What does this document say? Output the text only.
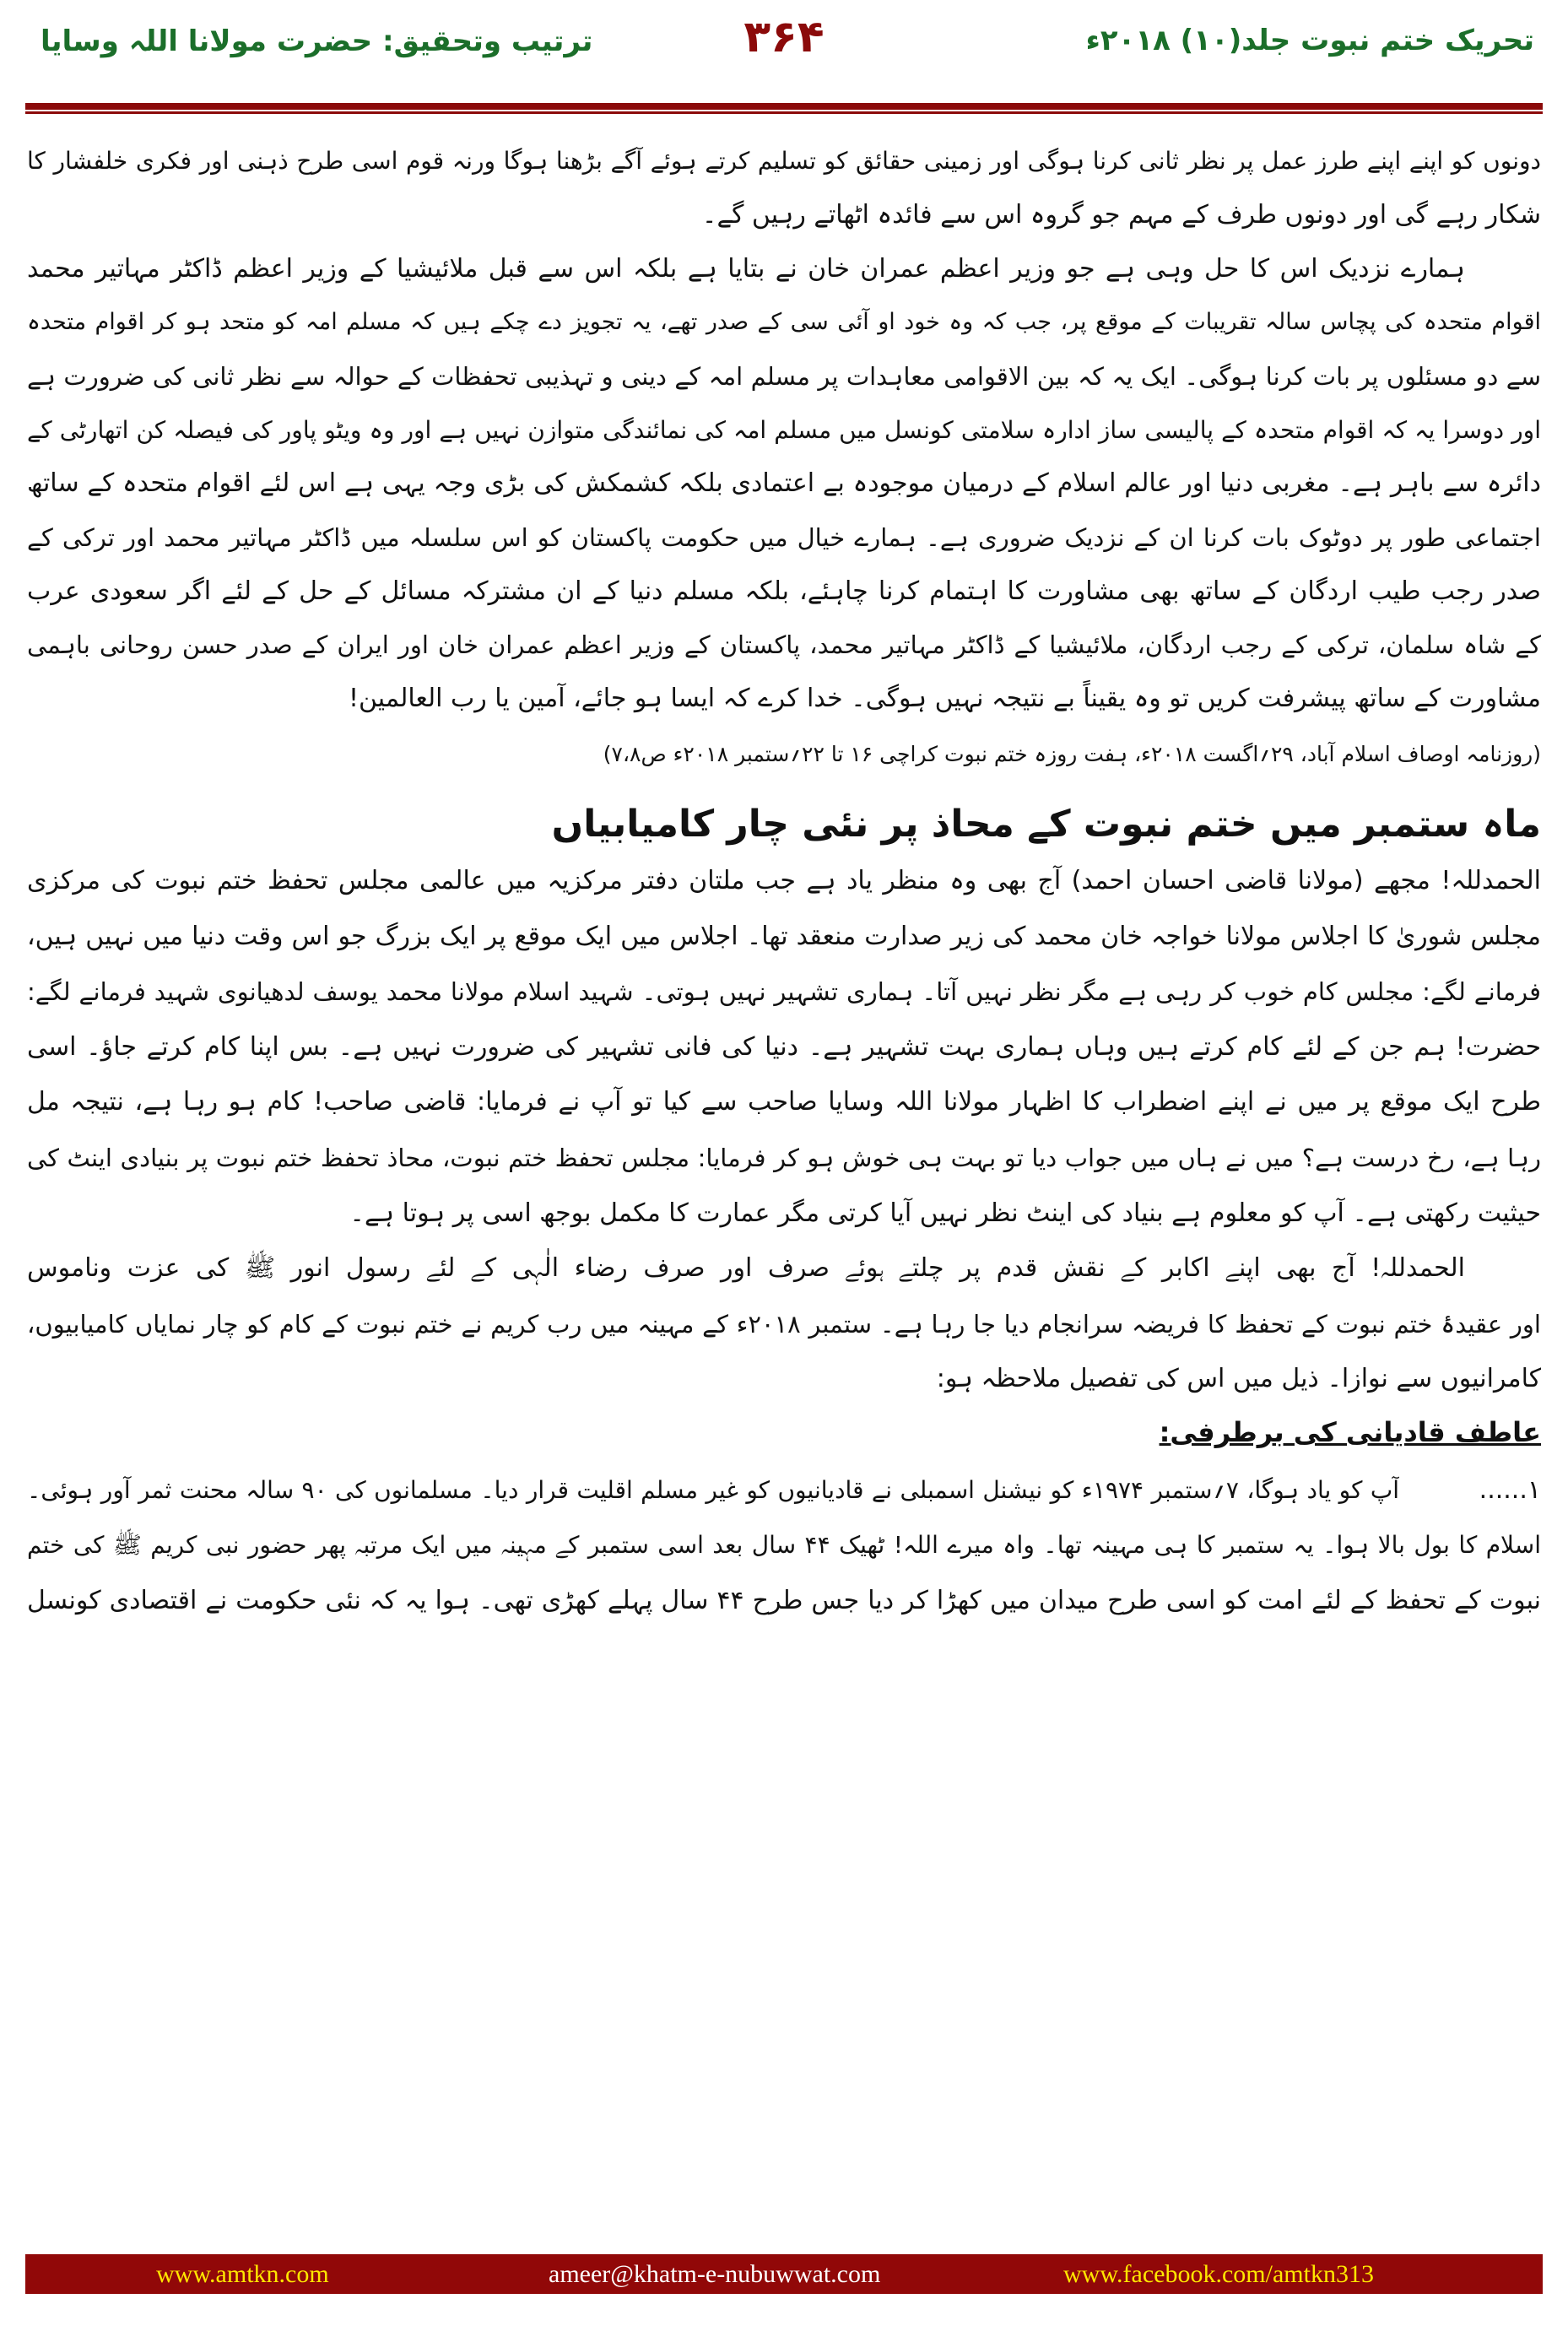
تحریک ختم نبوت جلد(۱۰) ۲۰۱۸ء
۳۶۴
ترتیب وتحقیق: حضرت مولانا اللہ وسایا
دونوں کو اپنے اپنے طرز عمل پر نظر ثانی کرنا ہوگی اور زمینی حقائق کو تسلیم کرتے ہوئے آگے بڑھنا ہوگا ورنہ قوم اسی طرح ذہنی اور فکری خلفشار کا
شکار رہے گی اور دونوں طرف کے مہم جو گروہ اس سے فائدہ اٹھاتے رہیں گے۔
ہمارے نزدیک اس کا حل وہی ہے جو وزیر اعظم عمران خان نے بتایا ہے بلکہ اس سے قبل ملائیشیا کے وزیر اعظم ڈاکٹر مہاتیر محمد
اقوام متحدہ کی پچاس سالہ تقریبات کے موقع پر، جب کہ وہ خود او آئی سی کے صدر تھے، یہ تجویز دے چکے ہیں کہ مسلم امہ کو متحد ہو کر اقوام متحدہ
سے دو مسئلوں پر بات کرنا ہوگی۔ ایک یہ کہ بین الاقوامی معاہدات پر مسلم امہ کے دینی و تہذیبی تحفظات کے حوالہ سے نظر ثانی کی ضرورت ہے
اور دوسرا یہ کہ اقوام متحدہ کے پالیسی ساز ادارہ سلامتی کونسل میں مسلم امہ کی نمائندگی متوازن نہیں ہے اور وہ ویٹو پاور کی فیصلہ کن اتھارٹی کے
دائرہ سے باہر ہے۔ مغربی دنیا اور عالم اسلام کے درمیان موجودہ بے اعتمادی بلکہ کشمکش کی بڑی وجہ یہی ہے اس لئے اقوام متحدہ کے ساتھ
اجتماعی طور پر دوٹوک بات کرنا ان کے نزدیک ضروری ہے۔ ہمارے خیال میں حکومت پاکستان کو اس سلسلہ میں ڈاکٹر مہاتیر محمد اور ترکی کے
صدر رجب طیب اردگان کے ساتھ بھی مشاورت کا اہتمام کرنا چاہئے، بلکہ مسلم دنیا کے ان مشترکہ مسائل کے حل کے لئے اگر سعودی عرب
کے شاہ سلمان، ترکی کے رجب اردگان، ملائیشیا کے ڈاکٹر مہاتیر محمد، پاکستان کے وزیر اعظم عمران خان اور ایران کے صدر حسن روحانی باہمی
مشاورت کے ساتھ پیشرفت کریں تو وہ یقیناً بے نتیجہ نہیں ہوگی۔ خدا کرے کہ ایسا ہو جائے، آمین یا رب العالمین!
(روزنامہ اوصاف اسلام آباد، ۲۹؍اگست ۲۰۱۸ء، ہفت روزہ ختم نبوت کراچی ۱۶ تا ۲۲؍ستمبر ۲۰۱۸ء ص۷،۸)
ماہ ستمبر میں ختم نبوت کے محاذ پر نئی چار کامیابیاں
الحمدللہ! مجھے (مولانا قاضی احسان احمد) آج بھی وہ منظر یاد ہے جب ملتان دفتر مرکزیہ میں عالمی مجلس تحفظ ختم نبوت کی مرکزی
مجلس شوریٰ کا اجلاس مولانا خواجہ خان محمد کی زیر صدارت منعقد تھا۔ اجلاس میں ایک موقع پر ایک بزرگ جو اس وقت دنیا میں نہیں ہیں،
فرمانے لگے: مجلس کام خوب کر رہی ہے مگر نظر نہیں آتا۔ ہماری تشہیر نہیں ہوتی۔ شہید اسلام مولانا محمد یوسف لدھیانوی شہید فرمانے لگے:
حضرت! ہم جن کے لئے کام کرتے ہیں وہاں ہماری بہت تشہیر ہے۔ دنیا کی فانی تشہیر کی ضرورت نہیں ہے۔ بس اپنا کام کرتے جاؤ۔ اسی
طرح ایک موقع پر میں نے اپنے اضطراب کا اظہار مولانا اللہ وسایا صاحب سے کیا تو آپ نے فرمایا: قاضی صاحب! کام ہو رہا ہے، نتیجہ مل
رہا ہے، رخ درست ہے؟ میں نے ہاں میں جواب دیا تو بہت ہی خوش ہو کر فرمایا: مجلس تحفظ ختم نبوت، محاذ تحفظ ختم نبوت پر بنیادی اینٹ کی
حیثیت رکھتی ہے۔ آپ کو معلوم ہے بنیاد کی اینٹ نظر نہیں آیا کرتی مگر عمارت کا مکمل بوجھ اسی پر ہوتا ہے۔
الحمدللہ! آج بھی اپنے اکابر کے نقش قدم پر چلتے ہوئے صرف اور صرف رضاء الٰہی کے لئے رسول انور ﷺ کی عزت وناموس
اور عقیدۂ ختم نبوت کے تحفظ کا فریضہ سرانجام دیا جا رہا ہے۔ ستمبر ۲۰۱۸ء کے مہینہ میں رب کریم نے ختم نبوت کے کام کو چار نمایاں کامیابیوں،
کامرانیوں سے نوازا۔ ذیل میں اس کی تفصیل ملاحظہ ہو:
عاطف قادیانی کی برطرفی:
۱......
آپ کو یاد ہوگا، ۷؍ستمبر ۱۹۷۴ء کو نیشنل اسمبلی نے قادیانیوں کو غیر مسلم اقلیت قرار دیا۔ مسلمانوں کی ۹۰ سالہ محنت ثمر آور ہوئی۔
اسلام کا بول بالا ہوا۔ یہ ستمبر کا ہی مہینہ تھا۔ واہ میرے اللہ! ٹھیک ۴۴ سال بعد اسی ستمبر کے مہینہ میں ایک مرتبہ پھر حضور نبی کریم ﷺ کی ختم
نبوت کے تحفظ کے لئے امت کو اسی طرح میدان میں کھڑا کر دیا جس طرح ۴۴ سال پہلے کھڑی تھی۔ ہوا یہ کہ نئی حکومت نے اقتصادی کونسل
www.amtkn.com	ameer@khatm-e-nubuwwat.com	www.facebook.com/amtkn313
